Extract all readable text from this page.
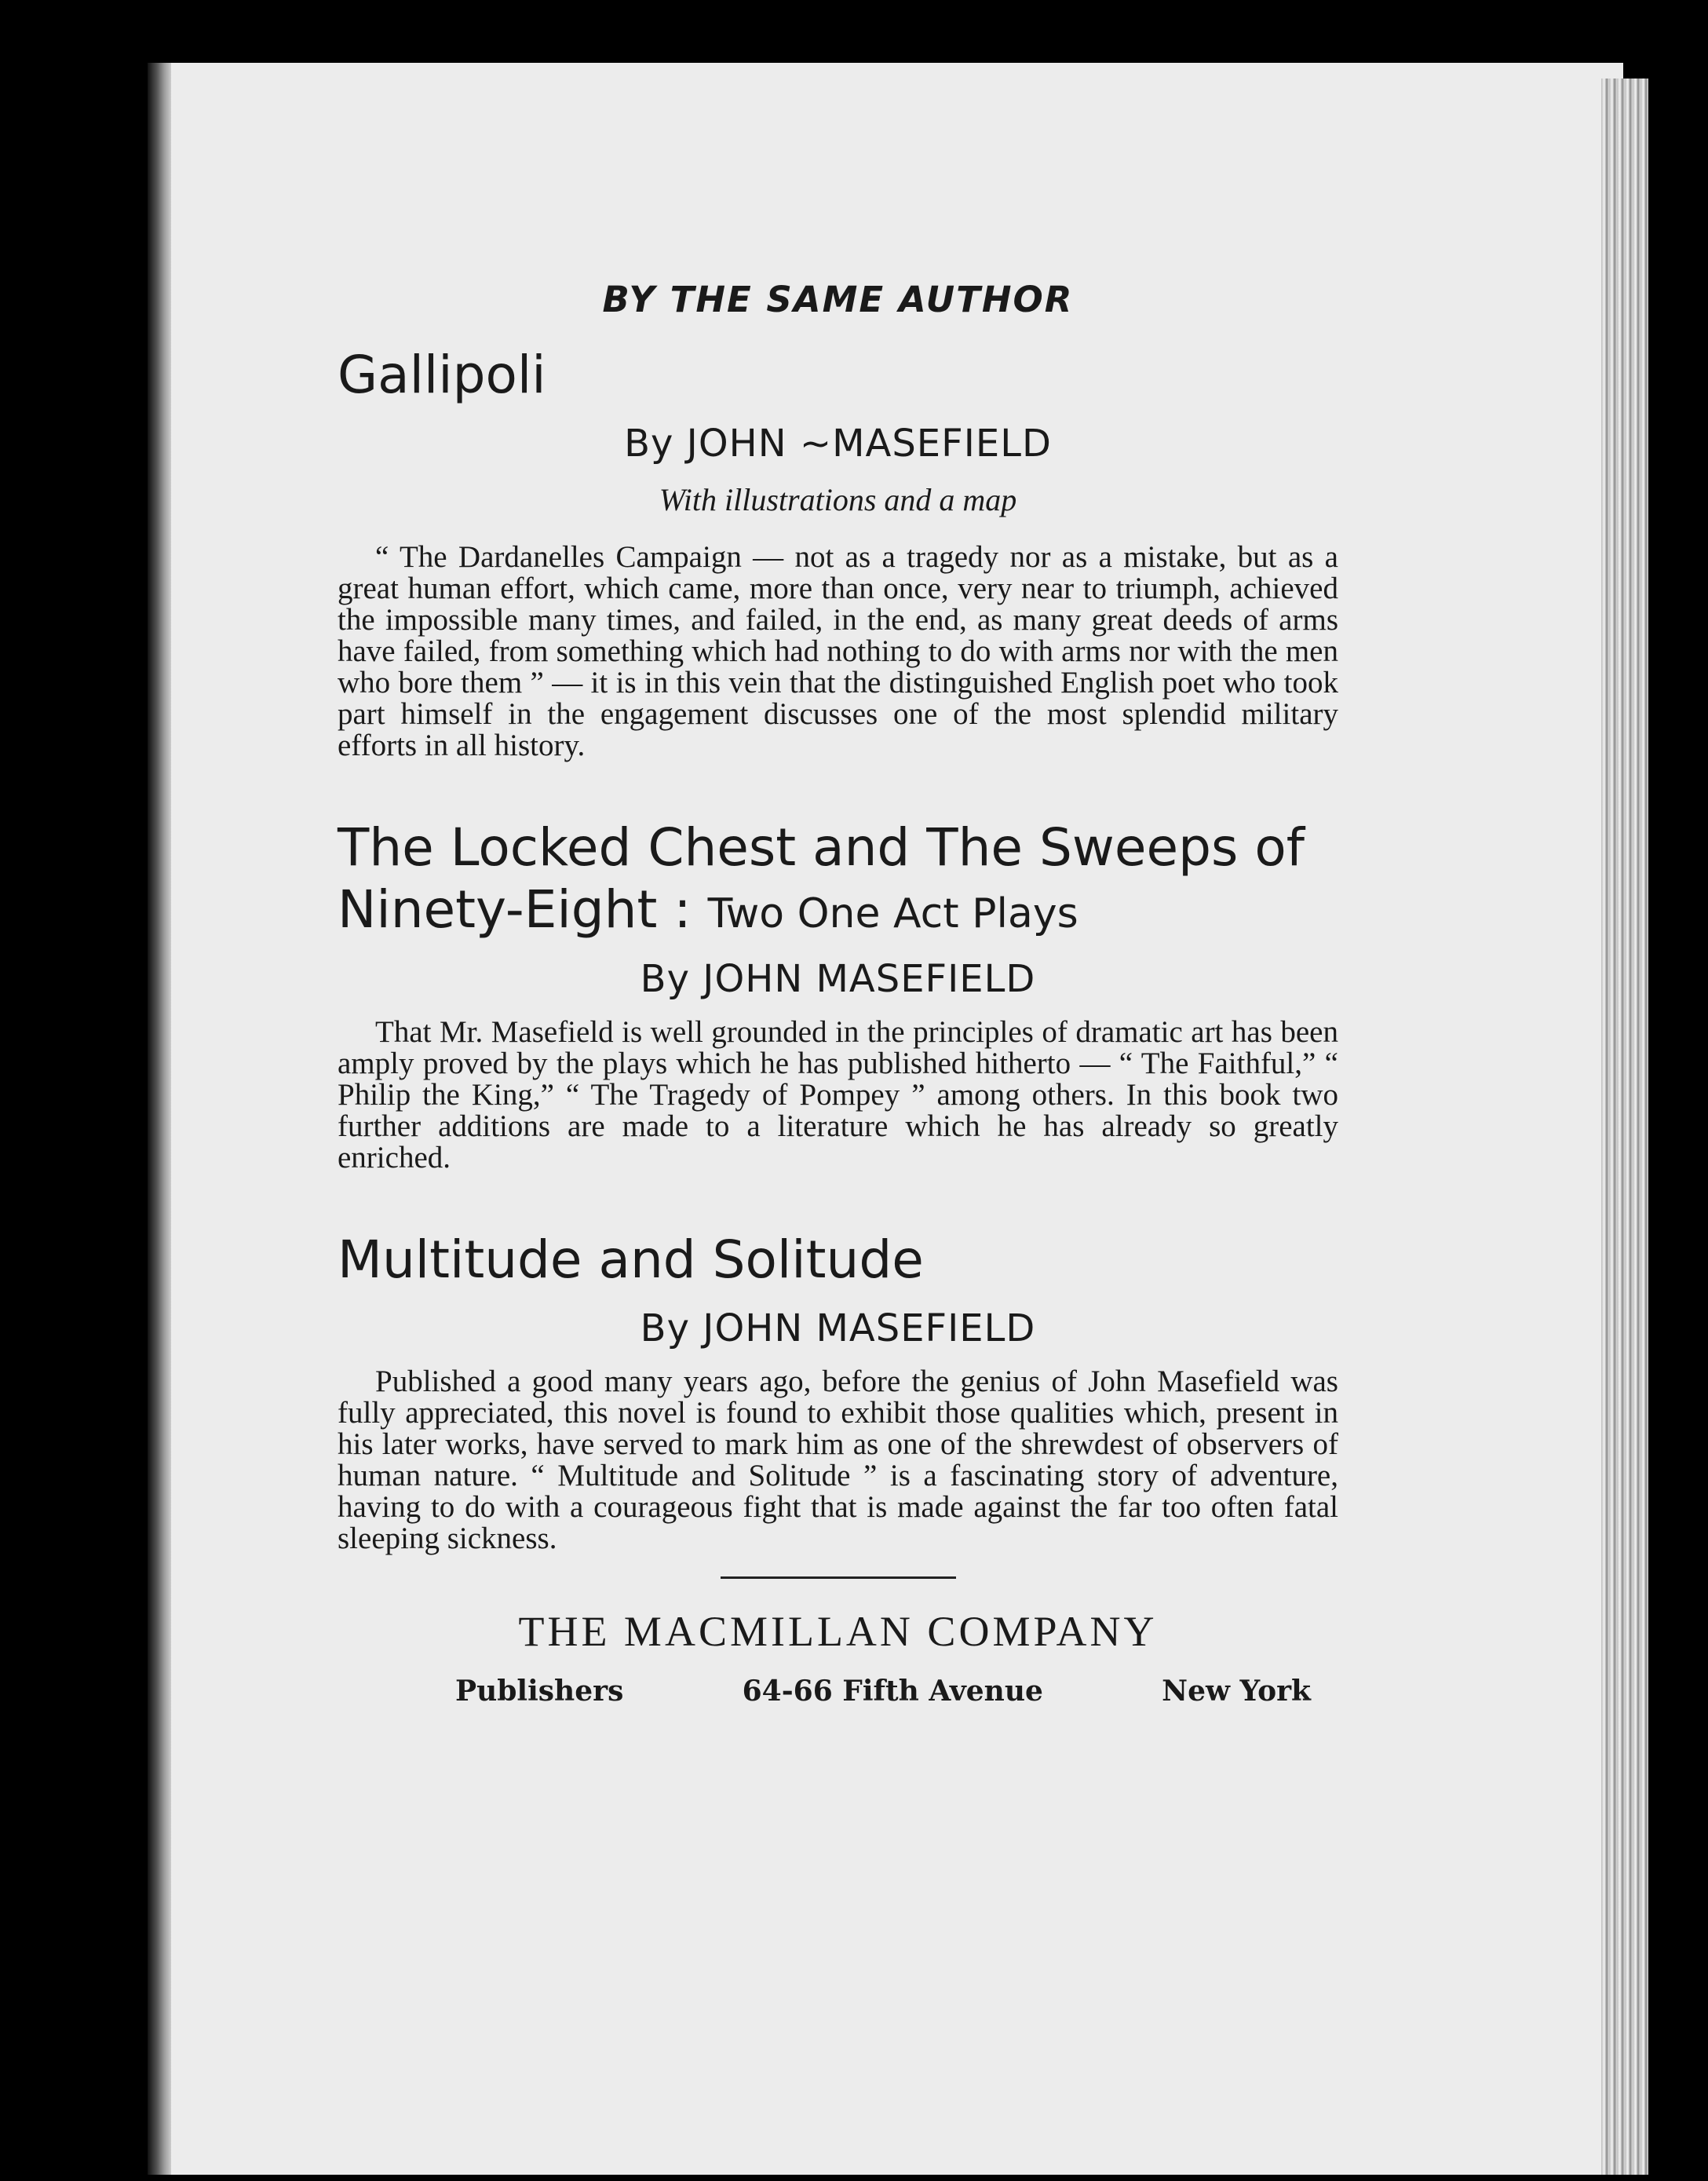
BY THE SAME AUTHOR
Gallipoli
By JOHN ~MASEFIELD
With illustrations and a map

“ The Dardanelles Campaign — not as a tragedy nor as a mistake, but as a great human effort, which came, more than once, very near to triumph, achieved the impossible many times, and failed, in the end, as many great deeds of arms have failed, from something which had nothing to do with arms nor with the men who bore them ” — it is in this vein that the distinguished English poet who took part himself in the engagement discusses one of the most splendid military efforts in all history.

The Locked Chest and The Sweeps of Ninety-Eight : Two One Act Plays
By JOHN MASEFIELD

That Mr. Masefield is well grounded in the principles of dramatic art has been amply proved by the plays which he has published hitherto — “ The Faithful,” “ Philip the King,” “ The Tragedy of Pompey ” among others. In this book two further additions are made to a literature which he has already so greatly enriched.

Multitude and Solitude
By JOHN MASEFIELD

Published a good many years ago, before the genius of John Masefield was fully appreciated, this novel is found to exhibit those qualities which, present in his later works, have served to mark him as one of the shrewdest of observers of human nature. “ Multitude and Solitude ” is a fascinating story of adventure, having to do with a courageous fight that is made against the far too often fatal sleeping sickness.

THE MACMILLAN COMPANY
Publishers	64-66 Fifth Avenue	New York
